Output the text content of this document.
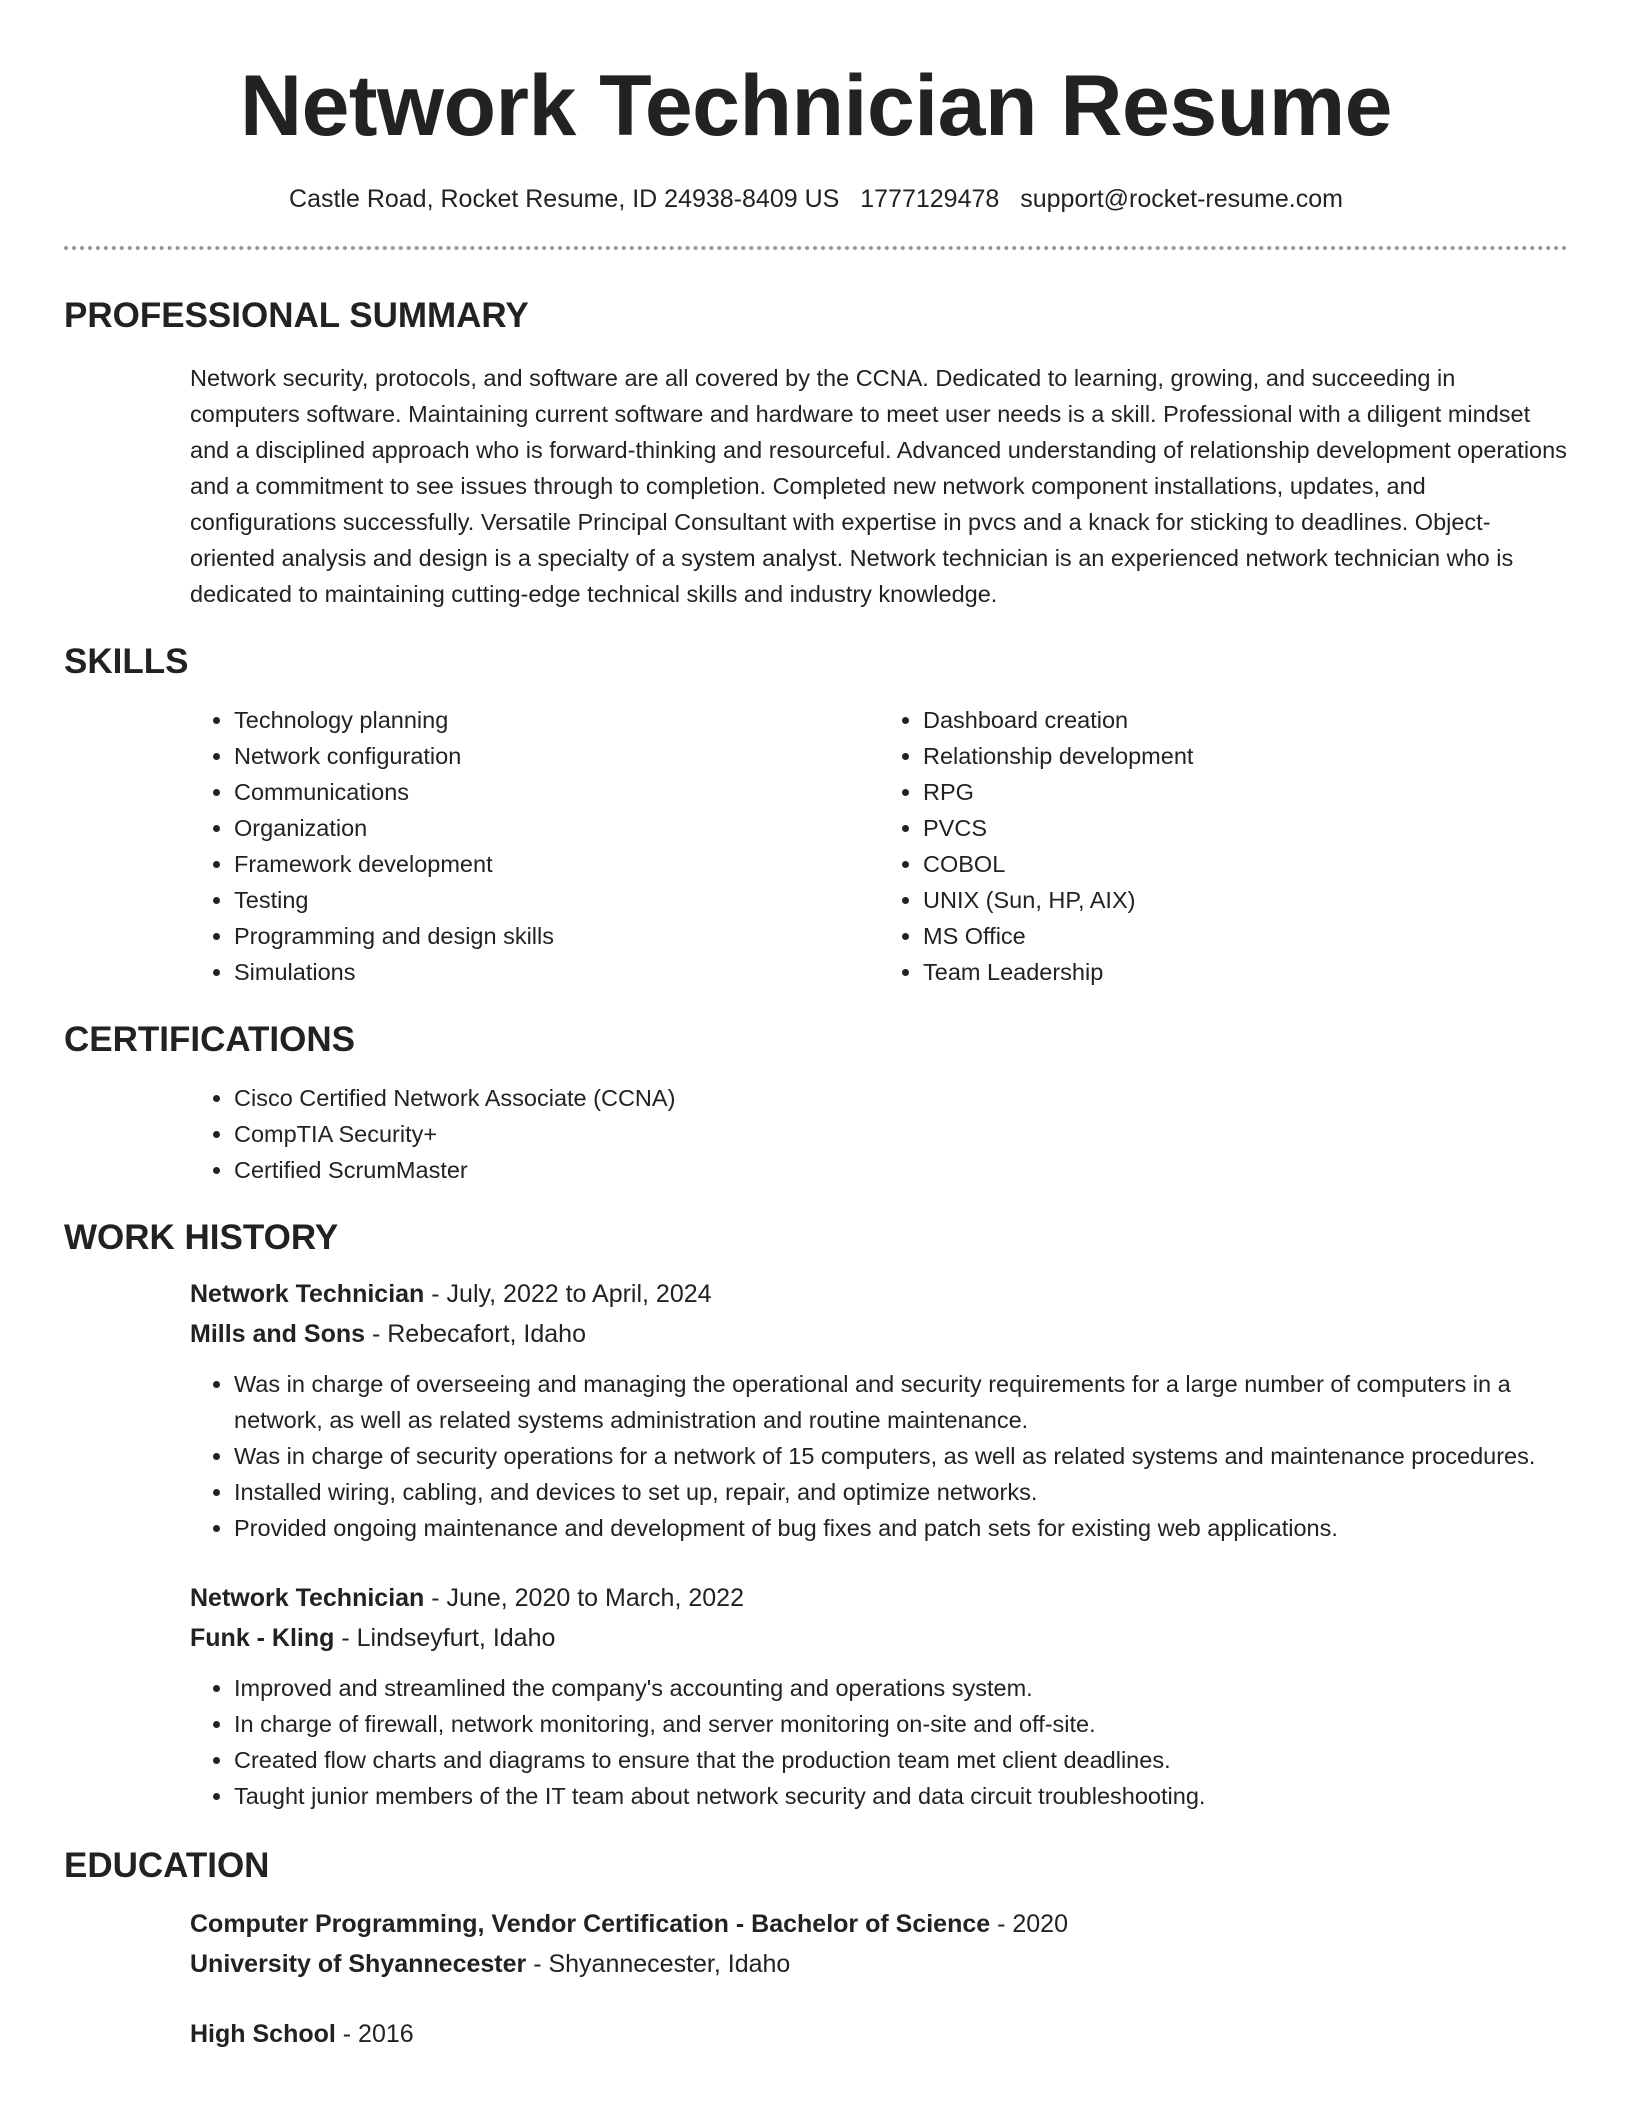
Network Technician Resume
Castle Road, Rocket Resume, ID 24938-8409 US 1777129478 support@rocket-resume.com
PROFESSIONAL SUMMARY

Network security, protocols, and software are all covered by the CCNA. Dedicated to learning, growing, and succeeding in computers software. Maintaining current software and hardware to meet user needs is a skill. Professional with a diligent mindset and a disciplined approach who is forward-thinking and resourceful. Advanced understanding of relationship development operations and a commitment to see issues through to completion. Completed new network component installations, updates, and configurations successfully. Versatile Principal Consultant with expertise in pvcs and a knack for sticking to deadlines. Object-oriented analysis and design is a specialty of a system analyst. Network technician is an experienced network technician who is dedicated to maintaining cutting-edge technical skills and industry knowledge.

SKILLS
• Technology planning
• Network configuration
• Communications
• Organization
• Framework development
• Testing
• Programming and design skills
• Simulations
• Dashboard creation
• Relationship development
• RPG
• PVCS
• COBOL
• UNIX (Sun, HP, AIX)
• MS Office
• Team Leadership
CERTIFICATIONS
• Cisco Certified Network Associate (CCNA)
• CompTIA Security+
• Certified ScrumMaster
WORK HISTORY
Network Technician - July, 2022 to April, 2024
Mills and Sons - Rebecafort, Idaho
• Was in charge of overseeing and managing the operational and security requirements for a large number of computers in a network, as well as related systems administration and routine maintenance.
• Was in charge of security operations for a network of 15 computers, as well as related systems and maintenance procedures.
• Installed wiring, cabling, and devices to set up, repair, and optimize networks.
• Provided ongoing maintenance and development of bug fixes and patch sets for existing web applications.
Network Technician - June, 2020 to March, 2022
Funk - Kling - Lindseyfurt, Idaho
• Improved and streamlined the company's accounting and operations system.
• In charge of firewall, network monitoring, and server monitoring on-site and off-site.
• Created flow charts and diagrams to ensure that the production team met client deadlines.
• Taught junior members of the IT team about network security and data circuit troubleshooting.
EDUCATION
Computer Programming, Vendor Certification - Bachelor of Science - 2020
University of Shyannecester - Shyannecester, Idaho
High School - 2016
